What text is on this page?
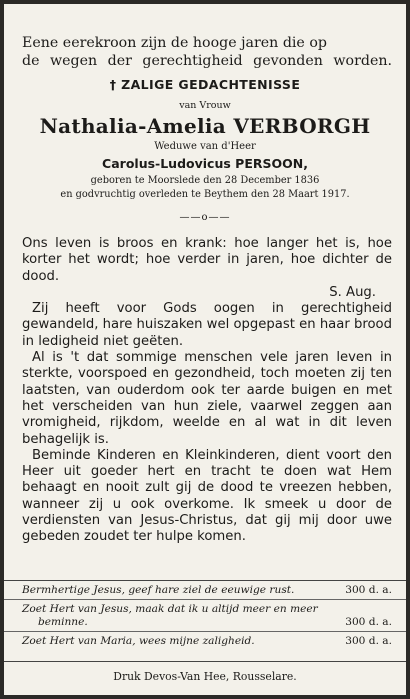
Eene eerekroon zijn de hooge jaren die op
de wegen der gerechtigheid gevonden worden.
† ZALIGE GEDACHTENISSE
van Vrouw
Nathalia-Amelia VERBORGH
Weduwe van d'Heer
Carolus-Ludovicus PERSOON,
geboren te Moorslede den 28 December 1836
en godvruchtig overleden te Beythem den 28 Maart 1917.
——o——

Ons leven is broos en krank: hoe langer het is, hoe korter het wordt; hoe verder in jaren, hoe dichter de dood.

S. Aug.

Zij heeft voor Gods oogen in gerechtigheid gewandeld, hare huiszaken wel opgepast en haar brood in ledigheid niet geëten.

Al is 't dat sommige menschen vele jaren leven in sterkte, voorspoed en gezondheid, toch moeten zij ten laatsten, van ouderdom ook ter aarde buigen en met het verscheiden van hun ziele, vaarwel zeggen aan vromigheid, rijkdom, weelde en al wat in dit leven behagelijk is.

Beminde Kinderen en Kleinkinderen, dient voort den Heer uit goeder hert en tracht te doen wat Hem behaagt en nooit zult gij de dood te vreezen hebben, wanneer zij u ook overkome. Ik smeek u door de verdiensten van Jesus-Christus, dat gij mij door uwe gebeden zoudet ter hulpe komen.

Bermhertige Jesus, geef hare ziel de eeuwige rust.	300 d. a.
Zoet Hert van Jesus, maak dat ik u altijd meer en meer
beminne.	300 d. a.
Zoet Hert van Maria, wees mijne zaligheid.	300 d. a.
Druk Devos-Van Hee, Rousselare.
